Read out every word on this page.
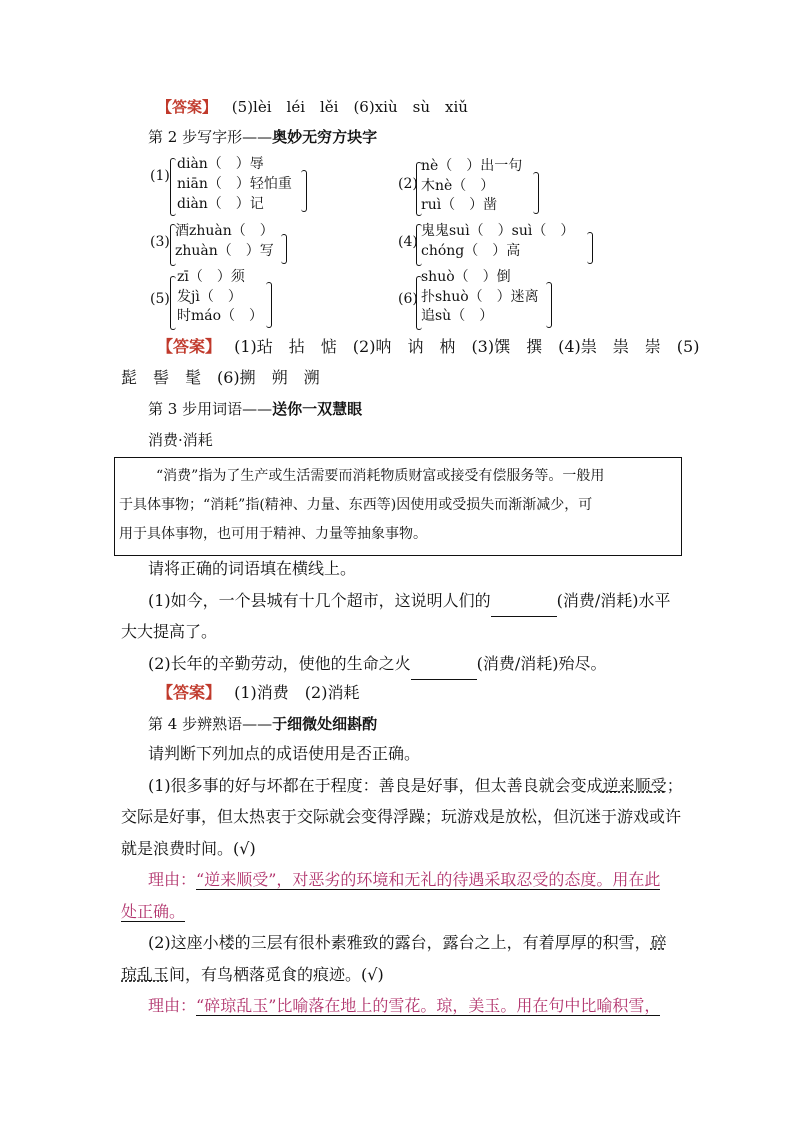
【答案】 (5)lèi　léi　lěi　(6)xiù　sù　xiǔ
第 2 步写字形——奥妙无穷方块字
(1)
diàn（　）辱
niān（　）轻怕重
diàn（　）记
(2)
nè（　）出一句
木nè（　）
ruì（　）凿
(3)
酒zhuàn（　）
zhuàn（　）写
(4)
鬼鬼suì（　）suì（　）
chóng（　）高
(5)
zī（　）须
发jì（　）
时máo（　）
(6)
shuò（　）倒
扑shuò（　）迷离
追sù（　）
【答案】 (1)玷　拈　惦　(2)呐　讷　枘　(3)馔　撰　(4)祟　祟　崇　(5)
髭　髻　髦　(6)搠　朔　溯
第 3 步用词语——送你一双慧眼
消费·消耗
“消费”指为了生产或生活需要而消耗物质财富或接受有偿服务等。一般用
于具体事物；“消耗”指(精神、力量、东西等)因使用或受损失而渐渐减少，可
用于具体事物，也可用于精神、力量等抽象事物。
请将正确的词语填在横线上。
(1)如今，一个县城有十几个超市，这说明人们的	(消费/消耗)水平
大大提高了。
(2)长年的辛勤劳动，使他的生命之火	(消费/消耗)殆尽。
【答案】 (1)消费　(2)消耗
第 4 步辨熟语——于细微处细斟酌
请判断下列加点的成语使用是否正确。
(1)很多事的好与坏都在于程度：善良是好事，但太善良就会变成逆来顺受；
交际是好事，但太热衷于交际就会变得浮躁；玩游戏是放松，但沉迷于游戏或许
就是浪费时间。(√)
理由：“逆来顺受”，对恶劣的环境和无礼的待遇采取忍受的态度。用在此
处正确。
(2)这座小楼的三层有很朴素雅致的露台，露台之上，有着厚厚的积雪，碎
琼乱玉间，有鸟栖落觅食的痕迹。(√)
理由：“碎琼乱玉”比喻落在地上的雪花。琼，美玉。用在句中比喻积雪，
